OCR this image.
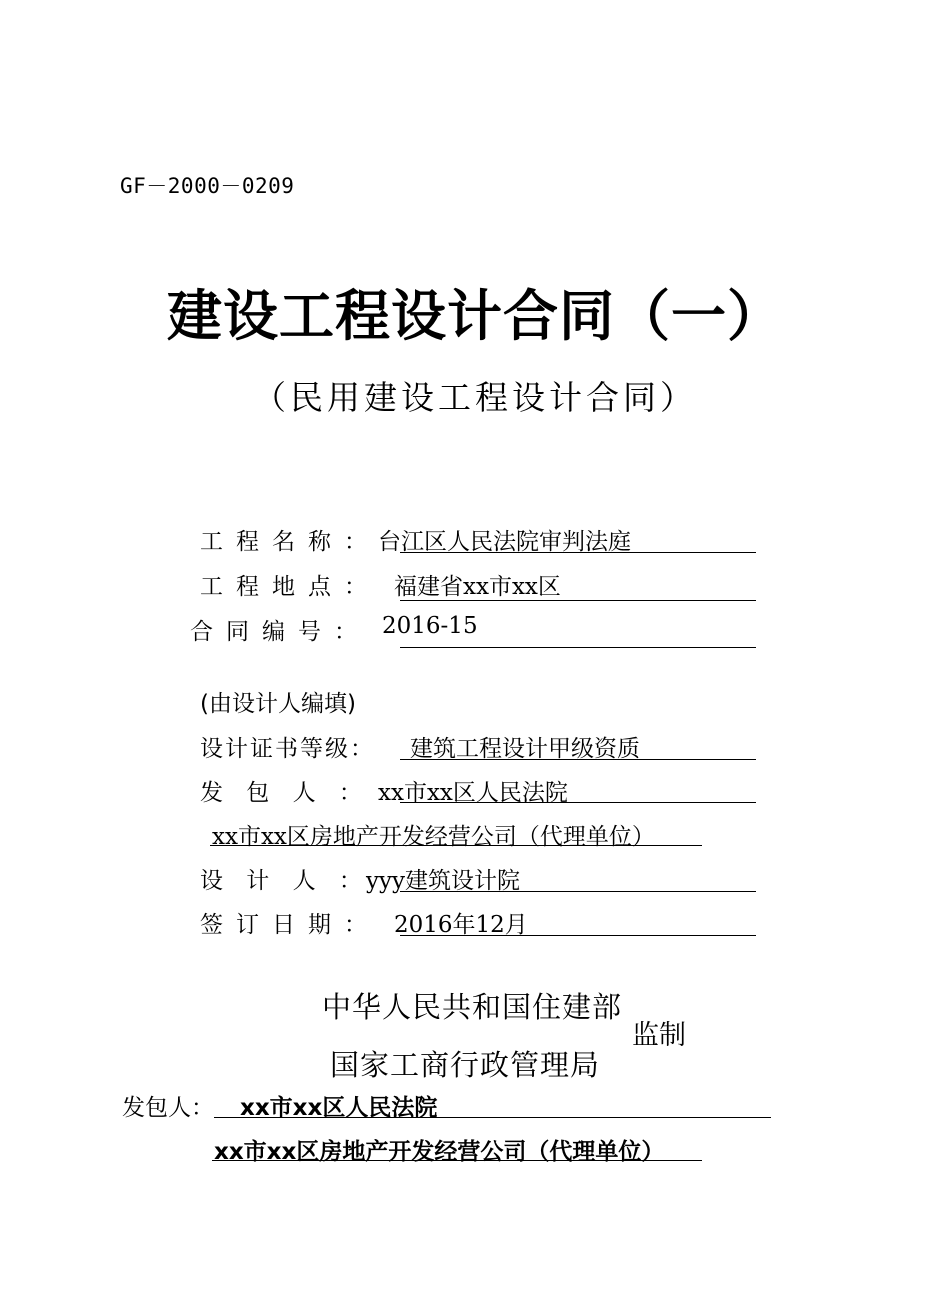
GF－2000－0209
建设工程设计合同（一）
（民用建设工程设计合同）
工程名称：
台江区人民法院审判法庭
工程地点： 福建省xx市xx区
合同编号： 2016-15
(由设计人编填)
设计证书等级： 建筑工程设计甲级资质
发 包 人 ： xx市xx区人民法院
xx市xx区房地产开发经营公司（代理单位）
设 计 人 ：
yyy建筑设计院
签订日期： 2016年12月
中华人民共和国住建部
国家工商行政管理局
监制
发包人： xx市xx区人民法院
xx市xx区房地产开发经营公司（代理单位）
